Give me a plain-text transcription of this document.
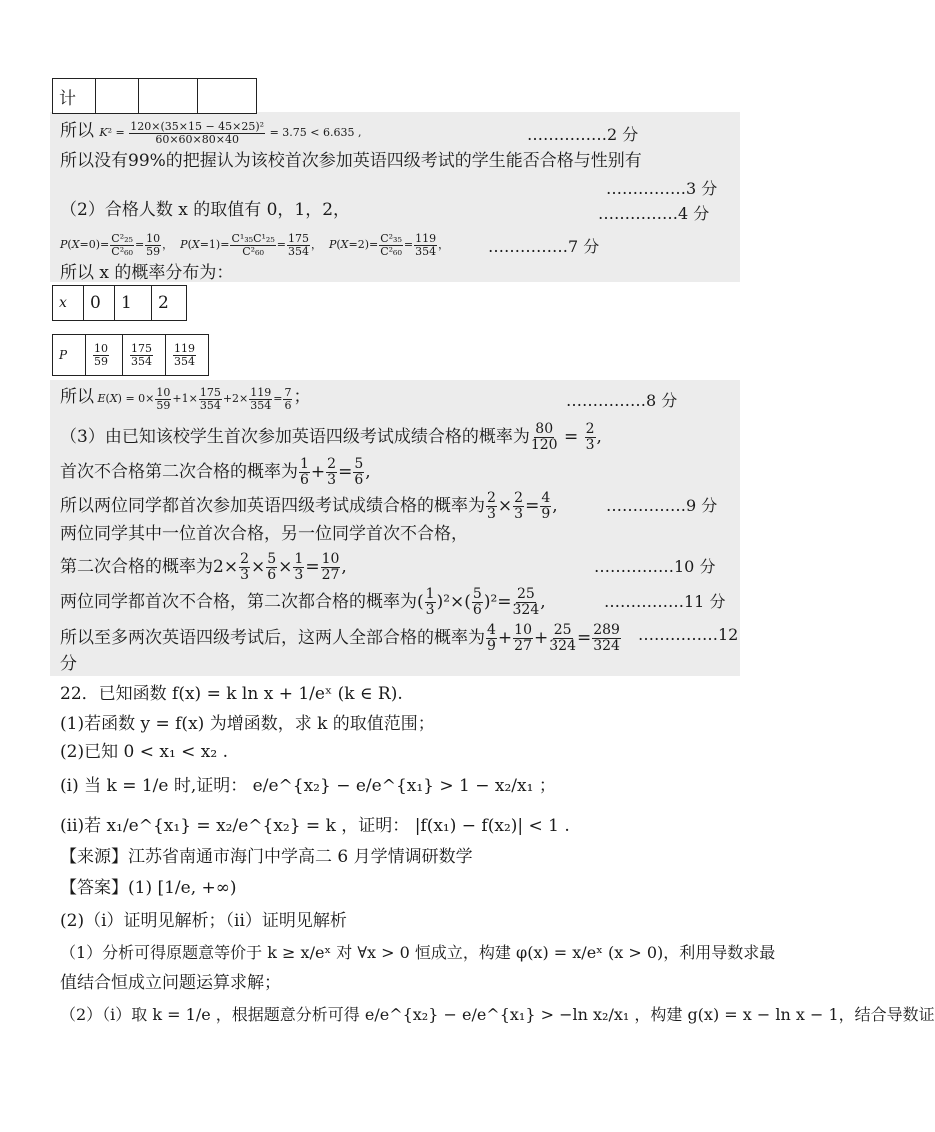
计			
所以 $K^2 = \frac{\text{120×(35×15 − 45×25)²}}{60\times 60\times 80\times 40} = 3.75 < 6.635$ ,	……………2 分
所以没有99%的把握认为该校首次参加英语四级考试的学生能否合格与性别有
……………3 分
（2）合格人数 x 的取值有 0，1，2，	……………4 分
$P(X=0)= \frac{\text{C²₂₅}}{\text{C²₆₀}} = \frac{10}{59}$ ，  $P(X=1)= \frac{\text{C¹₃₅C¹₂₅}}{\text{C²₆₀}} = \frac{175}{354}$ ，  $P(X=2)= \frac{\text{C²₃₅}}{\text{C²₆₀}} = \frac{119}{354}$ ， ……………7 分
所以 x 的概率分布为：
x	0	1	2
P	$\frac{10}{59}$	$\frac{175}{354}$	$\frac{119}{354}$
所以 $E(X) = 0\times \frac{10}{59} +1\times \frac{175}{354} +2\times \frac{119}{354} = \frac{7}{6}$ ；	……………8 分
（3）由已知该校学生首次参加英语四级考试成绩合格的概率为 $\frac{80}{120} = \frac{2}{3}$ ,
首次不合格第二次合格的概率为 $\frac{1}{6} + \frac{2}{3} = \frac{5}{6}$ ,
所以两位同学都首次参加英语四级考试成绩合格的概率为 $\frac{2}{3} \times \frac{2}{3} = \frac{4}{9}$ ,	……………9 分
两位同学其中一位首次合格，另一位同学首次不合格，
第二次合格的概率为$2\times \frac{2}{3} \times \frac{5}{6} \times \frac{1}{3} = \frac{10}{27}$ ,	……………10 分
两位同学都首次不合格，第二次都合格的概率为( $\frac{1}{3} )^2\times( \frac{5}{6} )^2= \frac{25}{324}$ ,	……………11 分
所以至多两次英语四级考试后，这两人全部合格的概率为 $\frac{4}{9} + \frac{10}{27} + \frac{25}{324} = \frac{289}{324}$ ……………12
分
22．已知函数 f(x) = k ln x + 1/eˣ (k ∈ R).
(1)若函数 y = f(x) 为增函数，求 k 的取值范围；
(2)已知 0 < x₁ < x₂ .
(i) 当 k = 1/e 时,证明： e/e^{x₂} − e/e^{x₁} > 1 − x₂/x₁ ；
(ii)若 x₁/e^{x₁} = x₂/e^{x₂} = k ，证明： |f(x₁) − f(x₂)| < 1 .
【来源】江苏省南通市海门中学高二 6 月学情调研数学
【答案】(1) [1/e, +∞)
(2)（i）证明见解析；（ii）证明见解析
（1）分析可得原题意等价于 k ≥ x/eˣ 对 ∀x > 0 恒成立，构建 φ(x) = x/eˣ (x > 0)，利用导数求最
值结合恒成立问题运算求解；
（2）（i）取 k = 1/e ，根据题意分析可得 e/e^{x₂} − e/e^{x₁} > −ln x₂/x₁ ，构建 g(x) = x − ln x − 1，结合导数证
